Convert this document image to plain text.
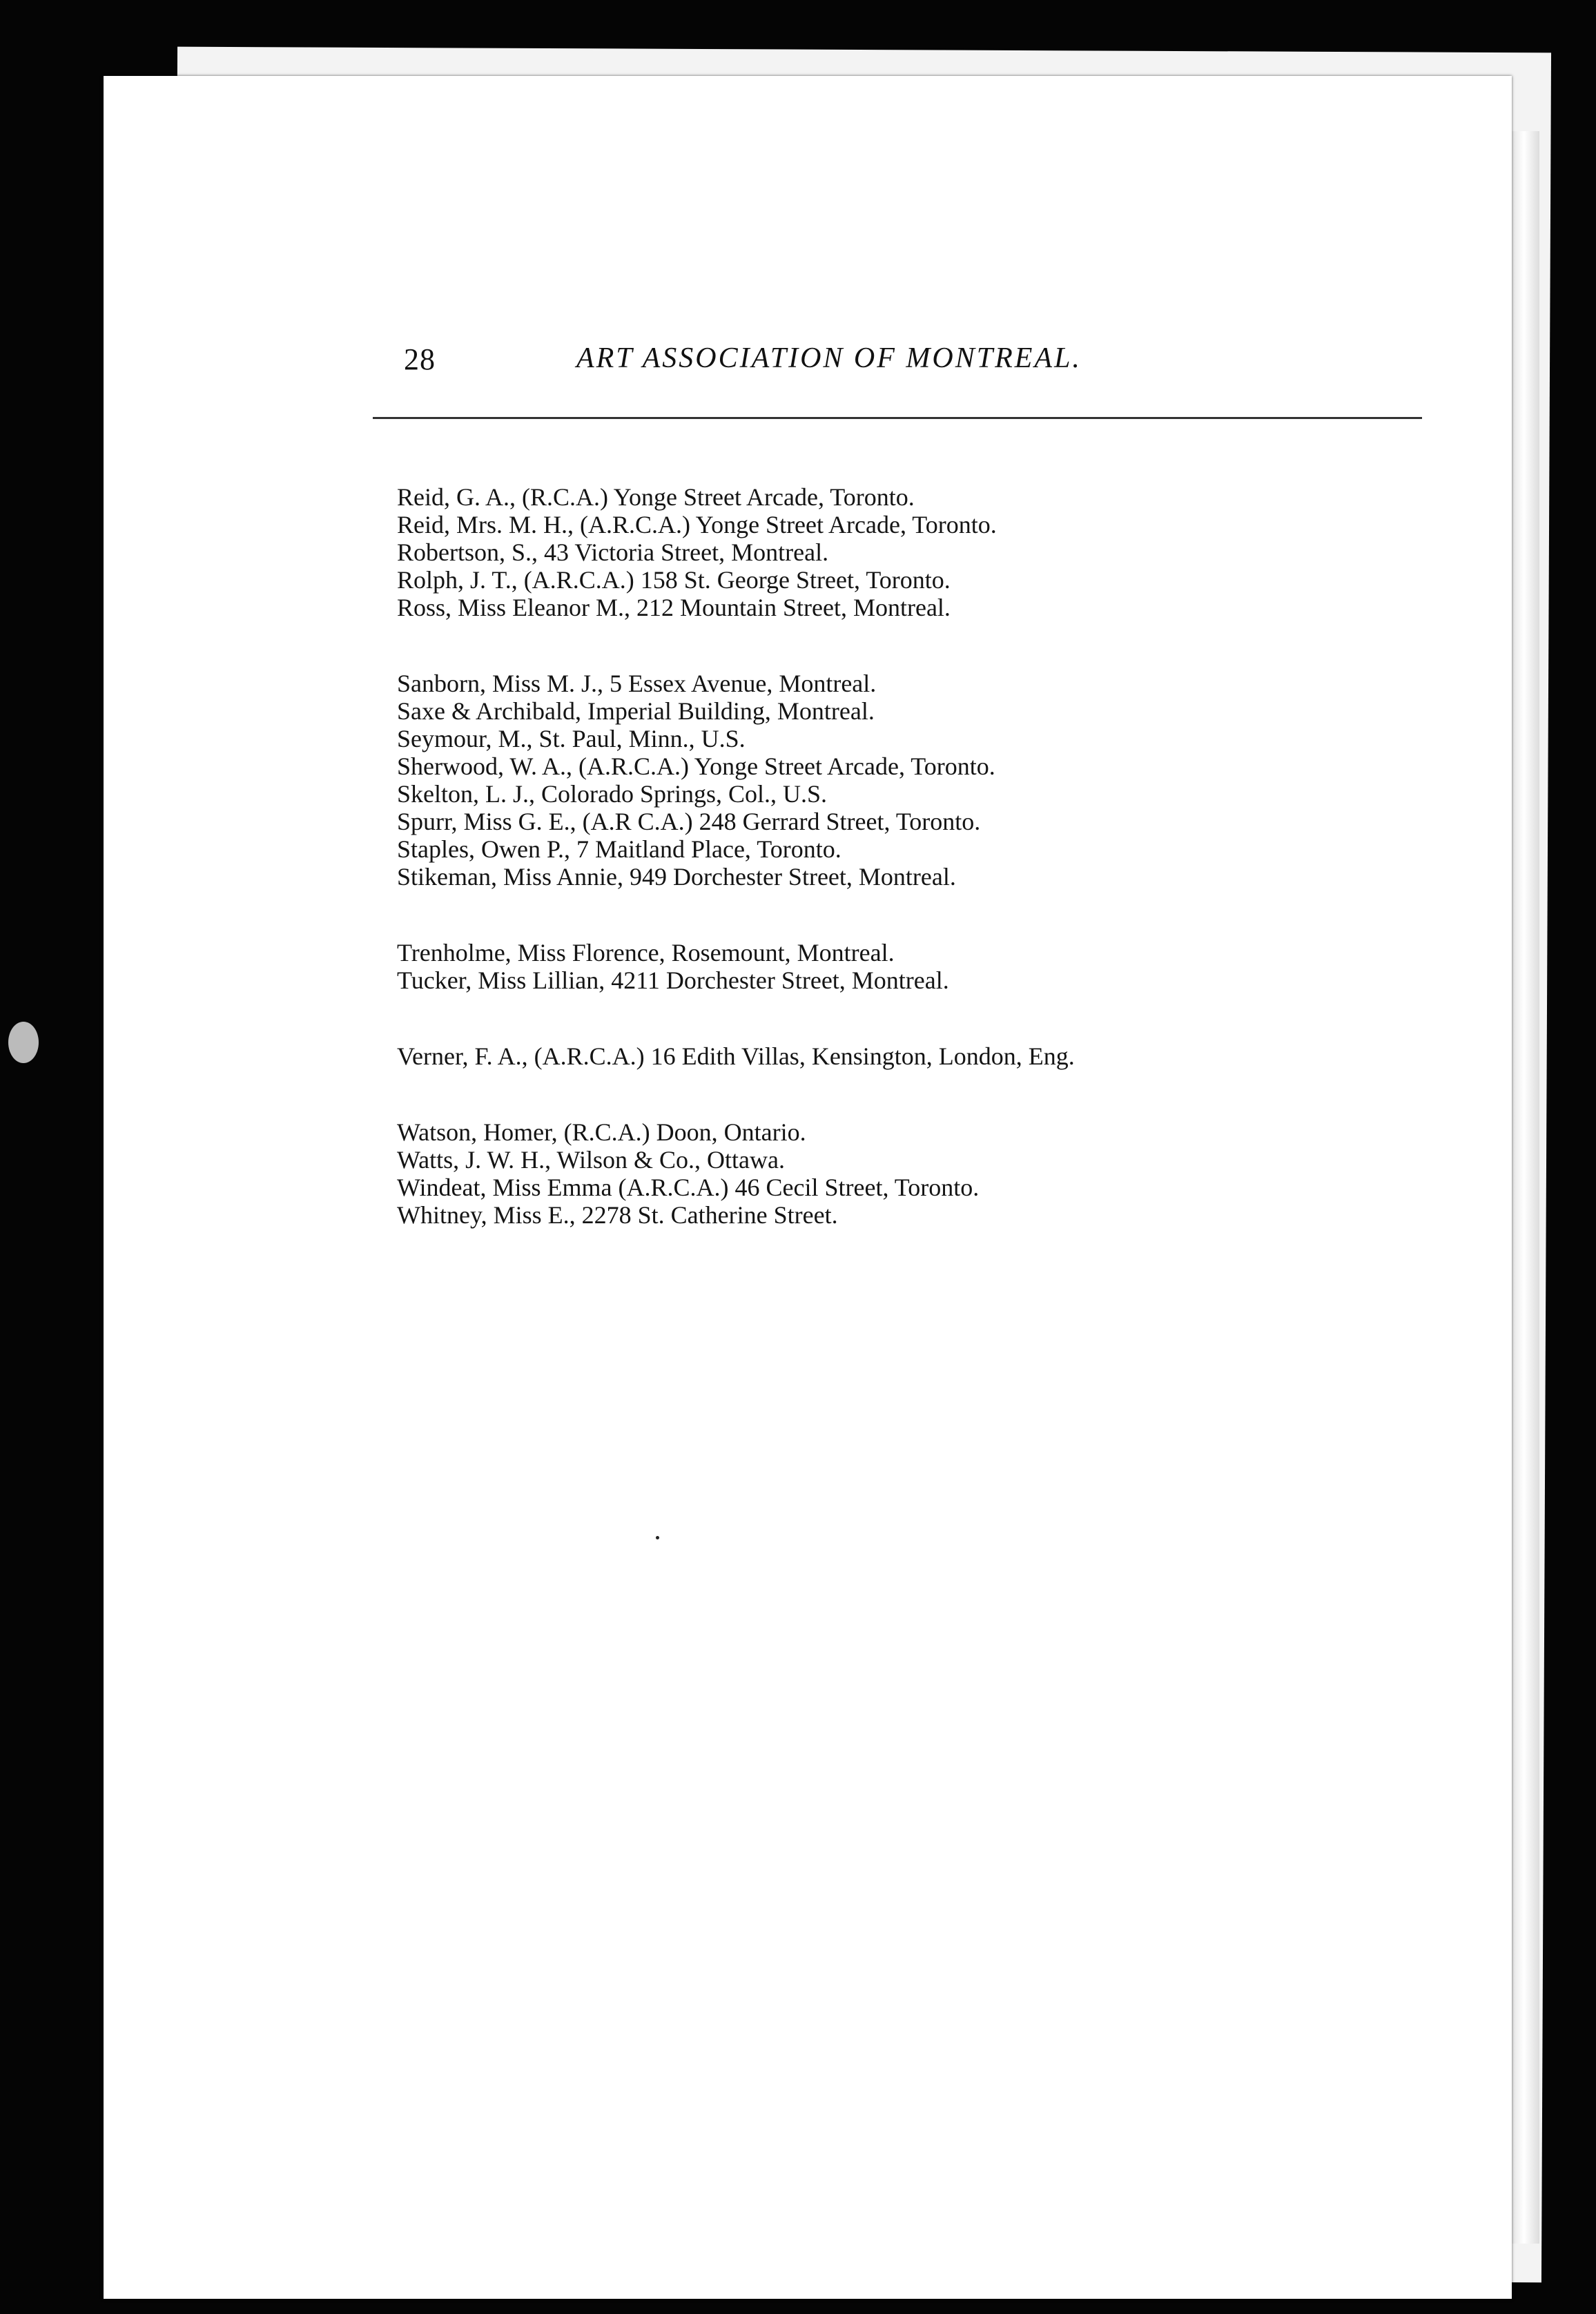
28	ART ASSOCIATION OF MONTREAL.

Reid, G. A., (R.C.A.) Yonge Street Arcade, Toronto.

Reid, Mrs. M. H., (A.R.C.A.) Yonge Street Arcade, Toronto.

Robertson, S., 43 Victoria Street, Montreal.

Rolph, J. T., (A.R.C.A.) 158 St. George Street, Toronto.

Ross, Miss Eleanor M., 212 Mountain Street, Montreal.

Sanborn, Miss M. J., 5 Essex Avenue, Montreal.

Saxe & Archibald, Imperial Building, Montreal.

Seymour, M., St. Paul, Minn., U.S.

Sherwood, W. A., (A.R.C.A.) Yonge Street Arcade, Toronto.

Skelton, L. J., Colorado Springs, Col., U.S.

Spurr, Miss G. E., (A.R C.A.) 248 Gerrard Street, Toronto.

Staples, Owen P., 7 Maitland Place, Toronto.

Stikeman, Miss Annie, 949 Dorchester Street, Montreal.

Trenholme, Miss Florence, Rosemount, Montreal.

Tucker, Miss Lillian, 4211 Dorchester Street, Montreal.

Verner, F. A., (A.R.C.A.) 16 Edith Villas, Kensington, London, Eng.

Watson, Homer, (R.C.A.) Doon, Ontario.

Watts, J. W. H., Wilson & Co., Ottawa.

Windeat, Miss Emma (A.R.C.A.) 46 Cecil Street, Toronto.

Whitney, Miss E., 2278 St. Catherine Street.
